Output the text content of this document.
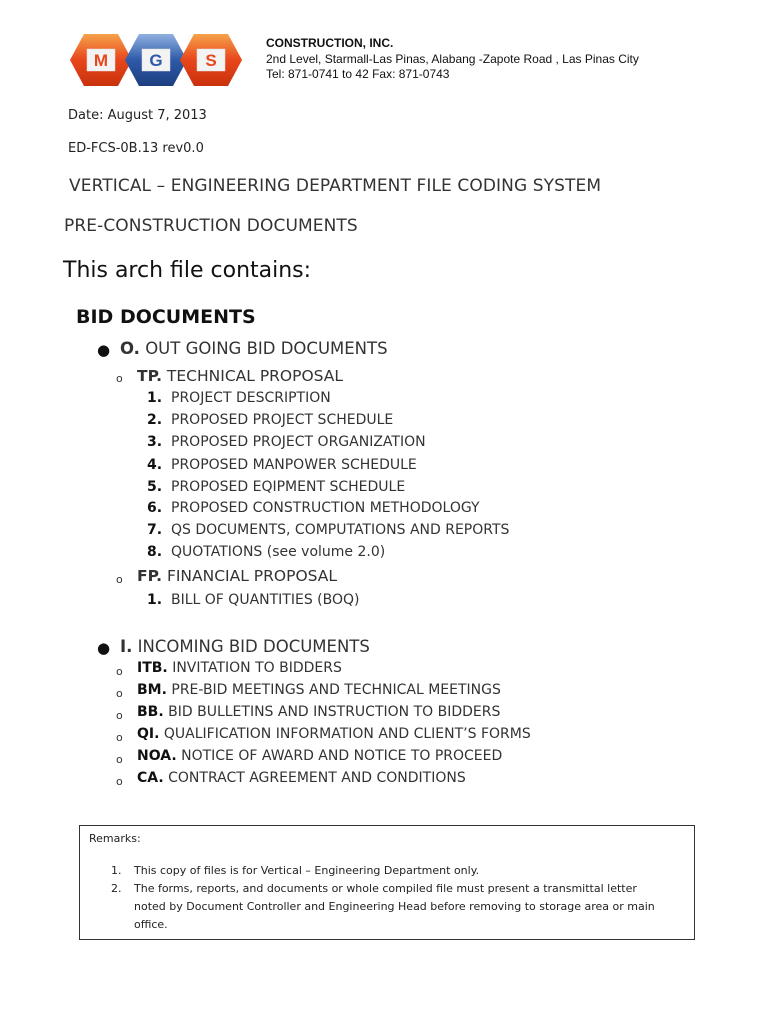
M G	S
CONSTRUCTION, INC.
2nd Level, Starmall-Las Pinas, Alabang -Zapote Road , Las Pinas City
Tel: 871-0741 to 42 Fax: 871-0743
Date: August 7, 2013
ED-FCS-0B.13 rev0.0
VERTICAL – ENGINEERING DEPARTMENT FILE CODING SYSTEM
PRE-CONSTRUCTION DOCUMENTS
This arch file contains:
BID DOCUMENTS
● O. OUT GOING BID DOCUMENTS
o TP. TECHNICAL PROPOSAL
1. PROJECT DESCRIPTION
2. PROPOSED PROJECT SCHEDULE
3. PROPOSED PROJECT ORGANIZATION
4. PROPOSED MANPOWER SCHEDULE
5. PROPOSED EQIPMENT SCHEDULE
6. PROPOSED CONSTRUCTION METHODOLOGY
7. QS DOCUMENTS, COMPUTATIONS AND REPORTS
8. QUOTATIONS (see volume 2.0)
o FP. FINANCIAL PROPOSAL
1. BILL OF QUANTITIES (BOQ)
● I. INCOMING BID DOCUMENTS
o ITB. INVITATION TO BIDDERS
o BM. PRE-BID MEETINGS AND TECHNICAL MEETINGS
o BB. BID BULLETINS AND INSTRUCTION TO BIDDERS
o QI. QUALIFICATION INFORMATION AND CLIENT’S FORMS
o NOA. NOTICE OF AWARD AND NOTICE TO PROCEED
o CA. CONTRACT AGREEMENT AND CONDITIONS
Remarks:
1.	This copy of files is for Vertical – Engineering Department only.
2.	The forms, reports, and documents or whole compiled file must present a transmittal letter noted by Document Controller and Engineering Head before removing to storage area or main office.
